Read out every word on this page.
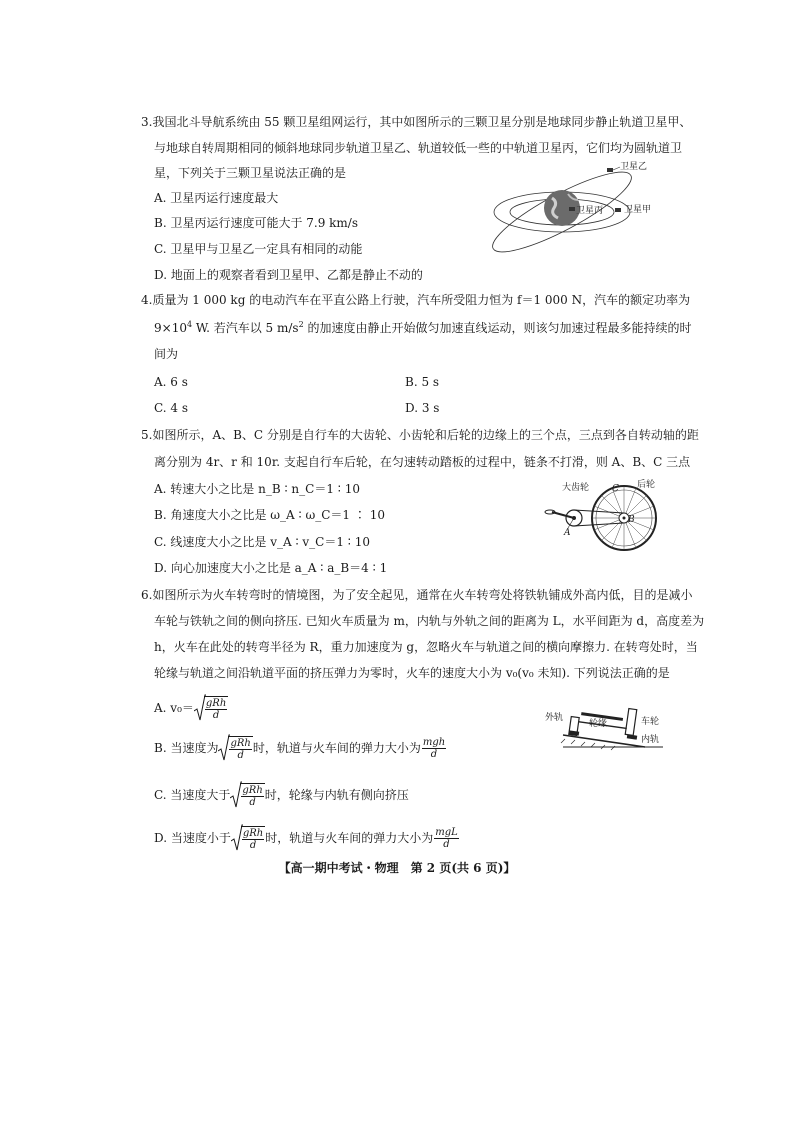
3.我国北斗导航系统由 55 颗卫星组网运行，其中如图所示的三颗卫星分别是地球同步静止轨道卫星甲、
与地球自转周期相同的倾斜地球同步轨道卫星乙、轨道较低一些的中轨道卫星丙，它们均为圆轨道卫
星，下列关于三颗卫星说法正确的是
A. 卫星丙运行速度最大
B. 卫星丙运行速度可能大于 7.9 km/s
C. 卫星甲与卫星乙一定具有相同的动能
D. 地面上的观察者看到卫星甲、乙都是静止不动的
卫星乙
卫星甲
卫星丙
4.质量为 1 000 kg 的电动汽车在平直公路上行驶，汽车所受阻力恒为 f＝1 000 N，汽车的额定功率为
$9\times 10^4$ W. 若汽车以 5 $m/s^2$ 的加速度由静止开始做匀加速直线运动，则该匀加速过程最多能持续的时
间为
A. 6 s	B. 5 s
C. 4 s	D. 3 s
5.如图所示，A、B、C 分别是自行车的大齿轮、小齿轮和后轮的边缘上的三个点，三点到各自转动轴的距
离分别为 4r、r 和 10r. 支起自行车后轮，在匀速转动踏板的过程中，链条不打滑，则 A、B、C 三点
A. 转速大小之比是 n_B ∶ n_C＝1 ∶ 10
B. 角速度大小之比是 ω_A ∶ ω_C＝1 ∶ 10
C. 线速度大小之比是 v_A ∶ v_C＝1 ∶ 10
D. 向心加速度大小之比是 a_A ∶ a_B＝4 ∶ 1
大齿轮	后轮
C
B
A
6.如图所示为火车转弯时的情境图，为了安全起见，通常在火车转弯处将铁轨铺成外高内低，目的是减小
车轮与铁轨之间的侧向挤压. 已知火车质量为 m，内轨与外轨之间的距离为 L，水平间距为 d，高度差为
h，火车在此处的转弯半径为 R，重力加速度为 g，忽略火车与轨道之间的横向摩擦力. 在转弯处时，当
轮缘与轨道之间沿轨道平面的挤压弹力为零时，火车的速度大小为 v₀(v₀ 未知). 下列说法正确的是
A. $v_0= \frac{\text{gRh}}{d}$
B. 当速度为 $\frac{\text{gRh}}{d}$ 时，轨道与火车间的弹力大小为 $\frac{\text{mgh}}{d}$
C. 当速度大于 $\frac{\text{gRh}}{d}$ 时，轮缘与内轨有侧向挤压
D. 当速度小于 $\frac{\text{gRh}}{d}$ 时，轨道与火车间的弹力大小为 $\frac{\text{mgL}}{d}$
外轨
轮缘	车轮
内轨
【高一期中考试・物理　第 2 页(共 6 页)】
